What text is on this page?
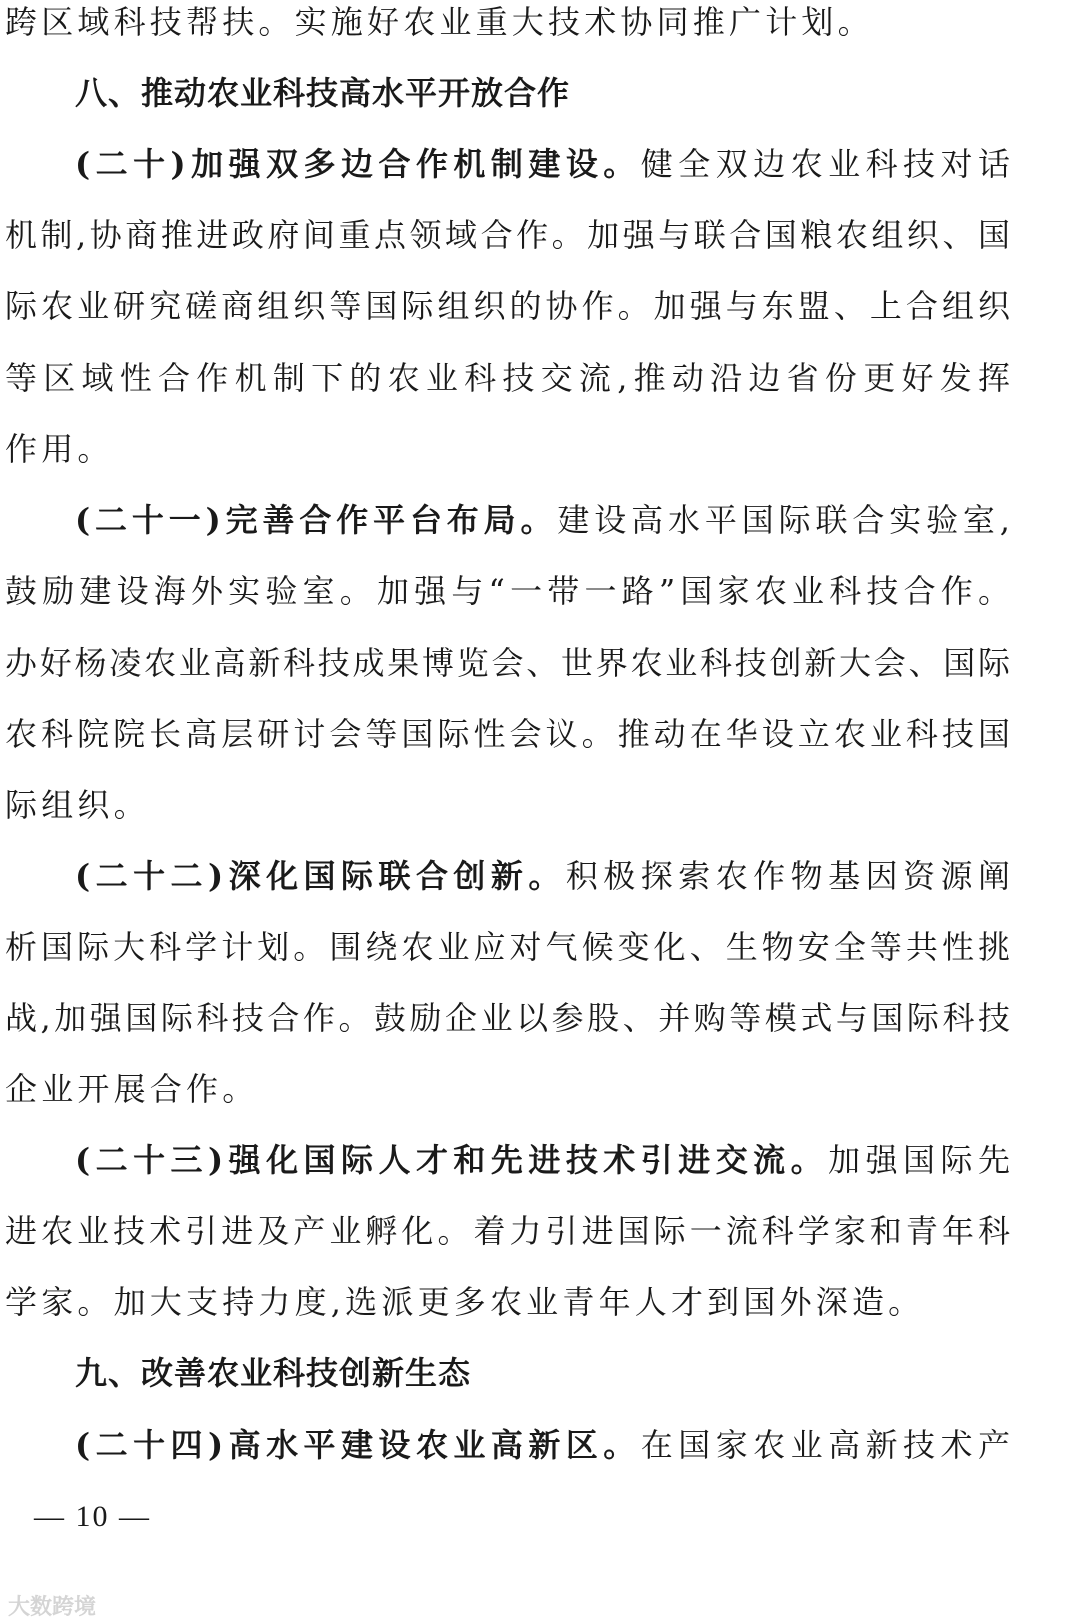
跨区域科技帮扶。实施好农业重大技术协同推广计划。
八、推动农业科技高水平开放合作
(二十)加强双多边合作机制建设。健全双边农业科技对话
机制,协商推进政府间重点领域合作。加强与联合国粮农组织、国
际农业研究磋商组织等国际组织的协作。加强与东盟、上合组织
等区域性合作机制下的农业科技交流,推动沿边省份更好发挥
作用。
(二十一)完善合作平台布局。建设高水平国际联合实验室,
鼓励建设海外实验室。加强与“一带一路”国家农业科技合作。
办好杨凌农业高新科技成果博览会、世界农业科技创新大会、国际
农科院院长高层研讨会等国际性会议。推动在华设立农业科技国
际组织。
(二十二)深化国际联合创新。积极探索农作物基因资源阐
析国际大科学计划。围绕农业应对气候变化、生物安全等共性挑
战,加强国际科技合作。鼓励企业以参股、并购等模式与国际科技
企业开展合作。
(二十三)强化国际人才和先进技术引进交流。加强国际先
进农业技术引进及产业孵化。着力引进国际一流科学家和青年科
学家。加大支持力度,选派更多农业青年人才到国外深造。
九、改善农业科技创新生态
(二十四)高水平建设农业高新区。在国家农业高新技术产
— 10 —
大数跨境
